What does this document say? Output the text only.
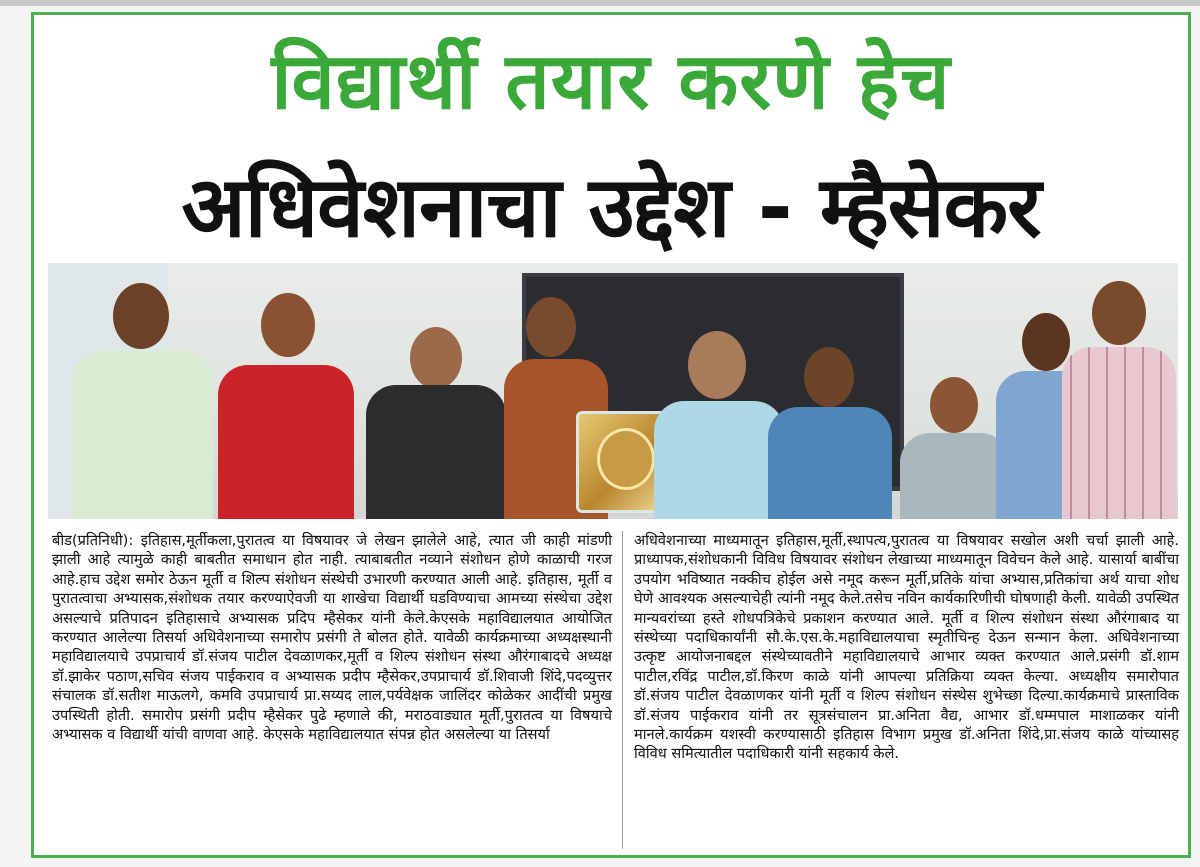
विद्यार्थी तयार करणे हेच
अधिवेशनाचा उद्देश - म्हैसेकर
बीड(प्रतिनिधी): इतिहास,मूर्तीकला,पुरातत्व या विषयावर जे लेखन झालेले आहे, त्यात जी काही मांडणी झाली आहे त्यामुळे काही बाबतीत समाधान होत नाही. त्याबाबतीत नव्याने संशोधन होणे काळाची गरज आहे.हाच उद्देश समोर ठेऊन मूर्ती व शिल्प संशोधन संस्थेची उभारणी करण्यात आली आहे. इतिहास, मूर्ती व पुरातत्वाचा अभ्यासक,संशोधक तयार करण्याऐवजी या शाखेचा विद्यार्थी घडविण्याचा आमच्या संस्थेचा उद्देश असल्याचे प्रतिपादन इतिहासाचे अभ्यासक प्रदिप म्हैसेकर यांनी केले.केएसके महाविद्यालयात आयोजित करण्यात आलेल्या तिसर्या अधिवेशनाच्या समारोप प्रसंगी ते बोलत होते. यावेळी कार्यक्रमाच्या अध्यक्षस्थानी महाविद्यालयाचे उपप्राचार्य डॉ.संजय पाटील देवळाणकर,मूर्ती व शिल्प संशोधन संस्था औरंगाबादचे अध्यक्ष डॉ.झाकेर पठाण,सचिव संजय पाईकराव व अभ्यासक प्रदीप म्हैसेकर,उपप्राचार्य डॉ.शिवाजी शिंदे,पदव्युत्तर संचालक डॉ.सतीश माऊलगे, कमवि उपप्राचार्य प्रा.सय्यद लाल,पर्यवेक्षक जालिंदर कोळेकर आदींची प्रमुख उपस्थिती होती. समारोप प्रसंगी प्रदीप म्हैसेकर पुढे म्हणाले की, मराठवाड्यात मूर्ती,पुरातत्व या विषयाचे अभ्यासक व विद्यार्थी यांची वाणवा आहे. केएसके महाविद्यालयात संपन्न होत असलेल्या या तिसर्या
अधिवेशनाच्या माध्यमातून इतिहास,मूर्ती,स्थापत्य,पुरातत्व या विषयावर सखोल अशी चर्चा झाली आहे. प्राध्यापक,संशोधकानी विविध विषयावर संशोधन लेखाच्या माध्यमातून विवेचन केले आहे. यासार्या बाबींचा उपयोग भविष्यात नक्कीच होईल असे नमूद करून मूर्ती,प्रतिके यांचा अभ्यास,प्रतिकांचा अर्थ याचा शोध घेणे आवश्यक असल्याचेही त्यांनी नमूद केले.तसेच नविन कार्यकारिणीची घोषणाही केली. यावेळी उपस्थित मान्यवरांच्या हस्ते शोधपत्रिकेचे प्रकाशन करण्यात आले. मूर्ती व शिल्प संशोधन संस्था औरंगाबाद या संस्थेच्या पदाधिकार्यांनी सौ.के.एस.के.महाविद्यालयाचा स्मृतीचिन्ह देऊन सन्मान केला. अधिवेशनाच्या उत्कृष्ट आयोजनाबद्दल संस्थेच्यावतीने महाविद्यालयाचे आभार व्यक्त करण्यात आले.प्रसंगी डॉ.शाम पाटील,रविंद्र पाटील,डॉ.किरण काळे यांनी आपल्या प्रतिक्रिया व्यक्त केल्या. अध्यक्षीय समारोपात डॉ.संजय पाटील देवळाणकर यांनी मूर्ती व शिल्प संशोधन संस्थेस शुभेच्छा दिल्या.कार्यक्रमाचे प्रास्ताविक डॉ.संजय पाईकराव यांनी तर सूत्रसंचालन प्रा.अनिता वैद्य, आभार डॉ.धम्मपाल माशाळकर यांनी मानले.कार्यक्रम यशस्वी करण्यासाठी इतिहास विभाग प्रमुख डॉ.अनिता शिंदे,प्रा.संजय काळे यांच्यासह विविध समित्यातील पदाधिकारी यांनी सहकार्य केले.
